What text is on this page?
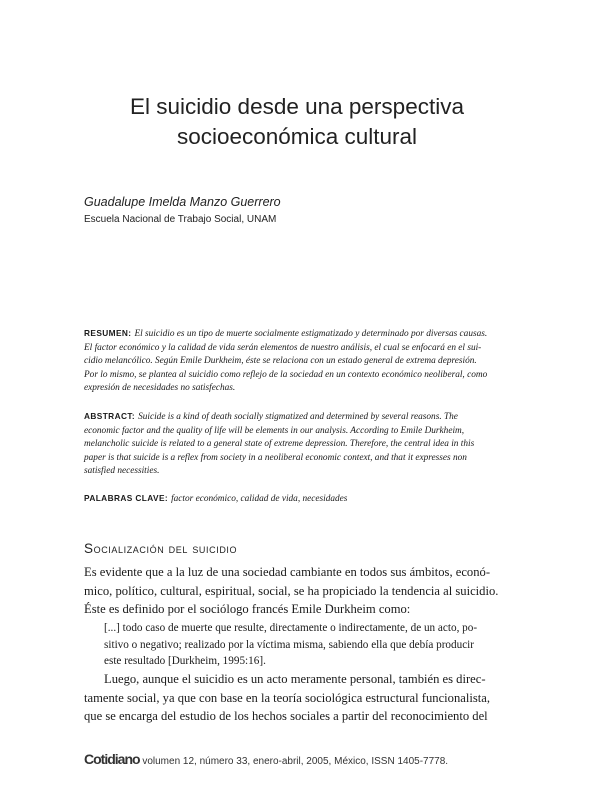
El suicidio desde una perspectiva
socioeconómica cultural
Guadalupe Imelda Manzo Guerrero
Escuela Nacional de Trabajo Social, UNAM
RESUMEN: El suicidio es un tipo de muerte socialmente estigmatizado y determinado por diversas causas.
El factor económico y la calidad de vida serán elementos de nuestro análisis, el cual se enfocará en el sui-
cidio melancólico. Según Emile Durkheim, éste se relaciona con un estado general de extrema depresión.
Por lo mismo, se plantea al suicidio como reflejo de la sociedad en un contexto económico neoliberal, como
expresión de necesidades no satisfechas.
ABSTRACT: Suicide is a kind of death socially stigmatized and determined by several reasons. The
economic factor and the quality of life will be elements in our analysis. According to Emile Durkheim,
melancholic suicide is related to a general state of extreme depression. Therefore, the central idea in this
paper is that suicide is a reflex from society in a neoliberal economic context, and that it expresses non
satisfied necessities.
PALABRAS CLAVE: factor económico, calidad de vida, necesidades
Socialización del suicidio

Es evidente que a la luz de una sociedad cambiante en todos sus ámbitos, econó-
mico, político, cultural, espiritual, social, se ha propiciado la tendencia al suicidio.
Éste es definido por el sociólogo francés Emile Durkheim como:

[...] todo caso de muerte que resulte, directamente o indirectamente, de un acto, po-
sitivo o negativo; realizado por la víctima misma, sabiendo ella que debía producir
este resultado [Durkheim, 1995:16].

Luego, aunque el suicidio es un acto meramente personal, también es direc-
tamente social, ya que con base en la teoría sociológica estructural funcionalista,
que se encarga del estudio de los hechos sociales a partir del reconocimiento del

Cotidiano volumen 12, número 33, enero-abril, 2005, México, ISSN 1405-7778.
